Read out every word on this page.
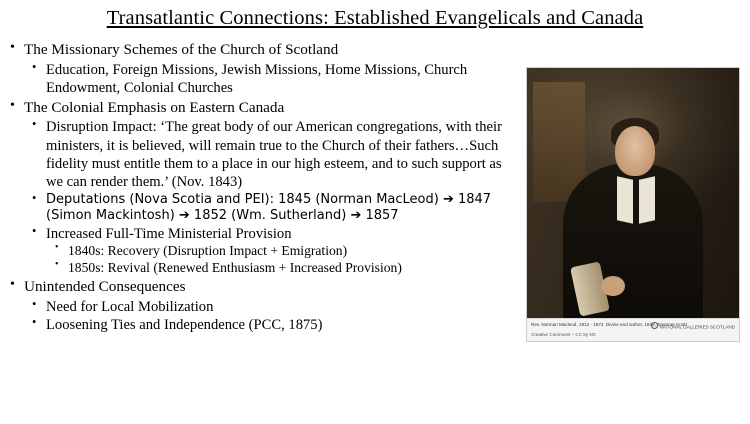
Transatlantic Connections: Established Evangelicals and Canada
• The Missionary Schemes of the Church of Scotland
• Education, Foreign Missions, Jewish Missions, Home Missions, Church Endowment, Colonial Churches
• The Colonial Emphasis on Eastern Canada
• Disruption Impact: ‘The great body of our American congregations, with their ministers, it is believed, will remain true to the Church of their fathers…Such fidelity must entitle them to a place in our high esteem, and to such support as we can render them.’ (Nov. 1843)
• Deputations (Nova Scotia and PEI): 1845 (Norman MacLeod) ➔ 1847 (Simon Mackintosh) ➔ 1852 (Wm. Sutherland) ➔ 1857
• Increased Full-Time Ministerial Provision
• 1840s: Recovery (Disruption Impact + Emigration)
• 1850s: Revival (Renewed Enthusiasm + Increased Provision)
• Unintended Consequences
• Need for Local Mobilization
• Loosening Ties and Independence (PCC, 1875)	NATIONAL GALLERIES SCOTLAND
Rev. Norman Macleod, 1812 - 1872. Divine and author, 1848, Taverner Knott
Creative Commons – CC by NC
